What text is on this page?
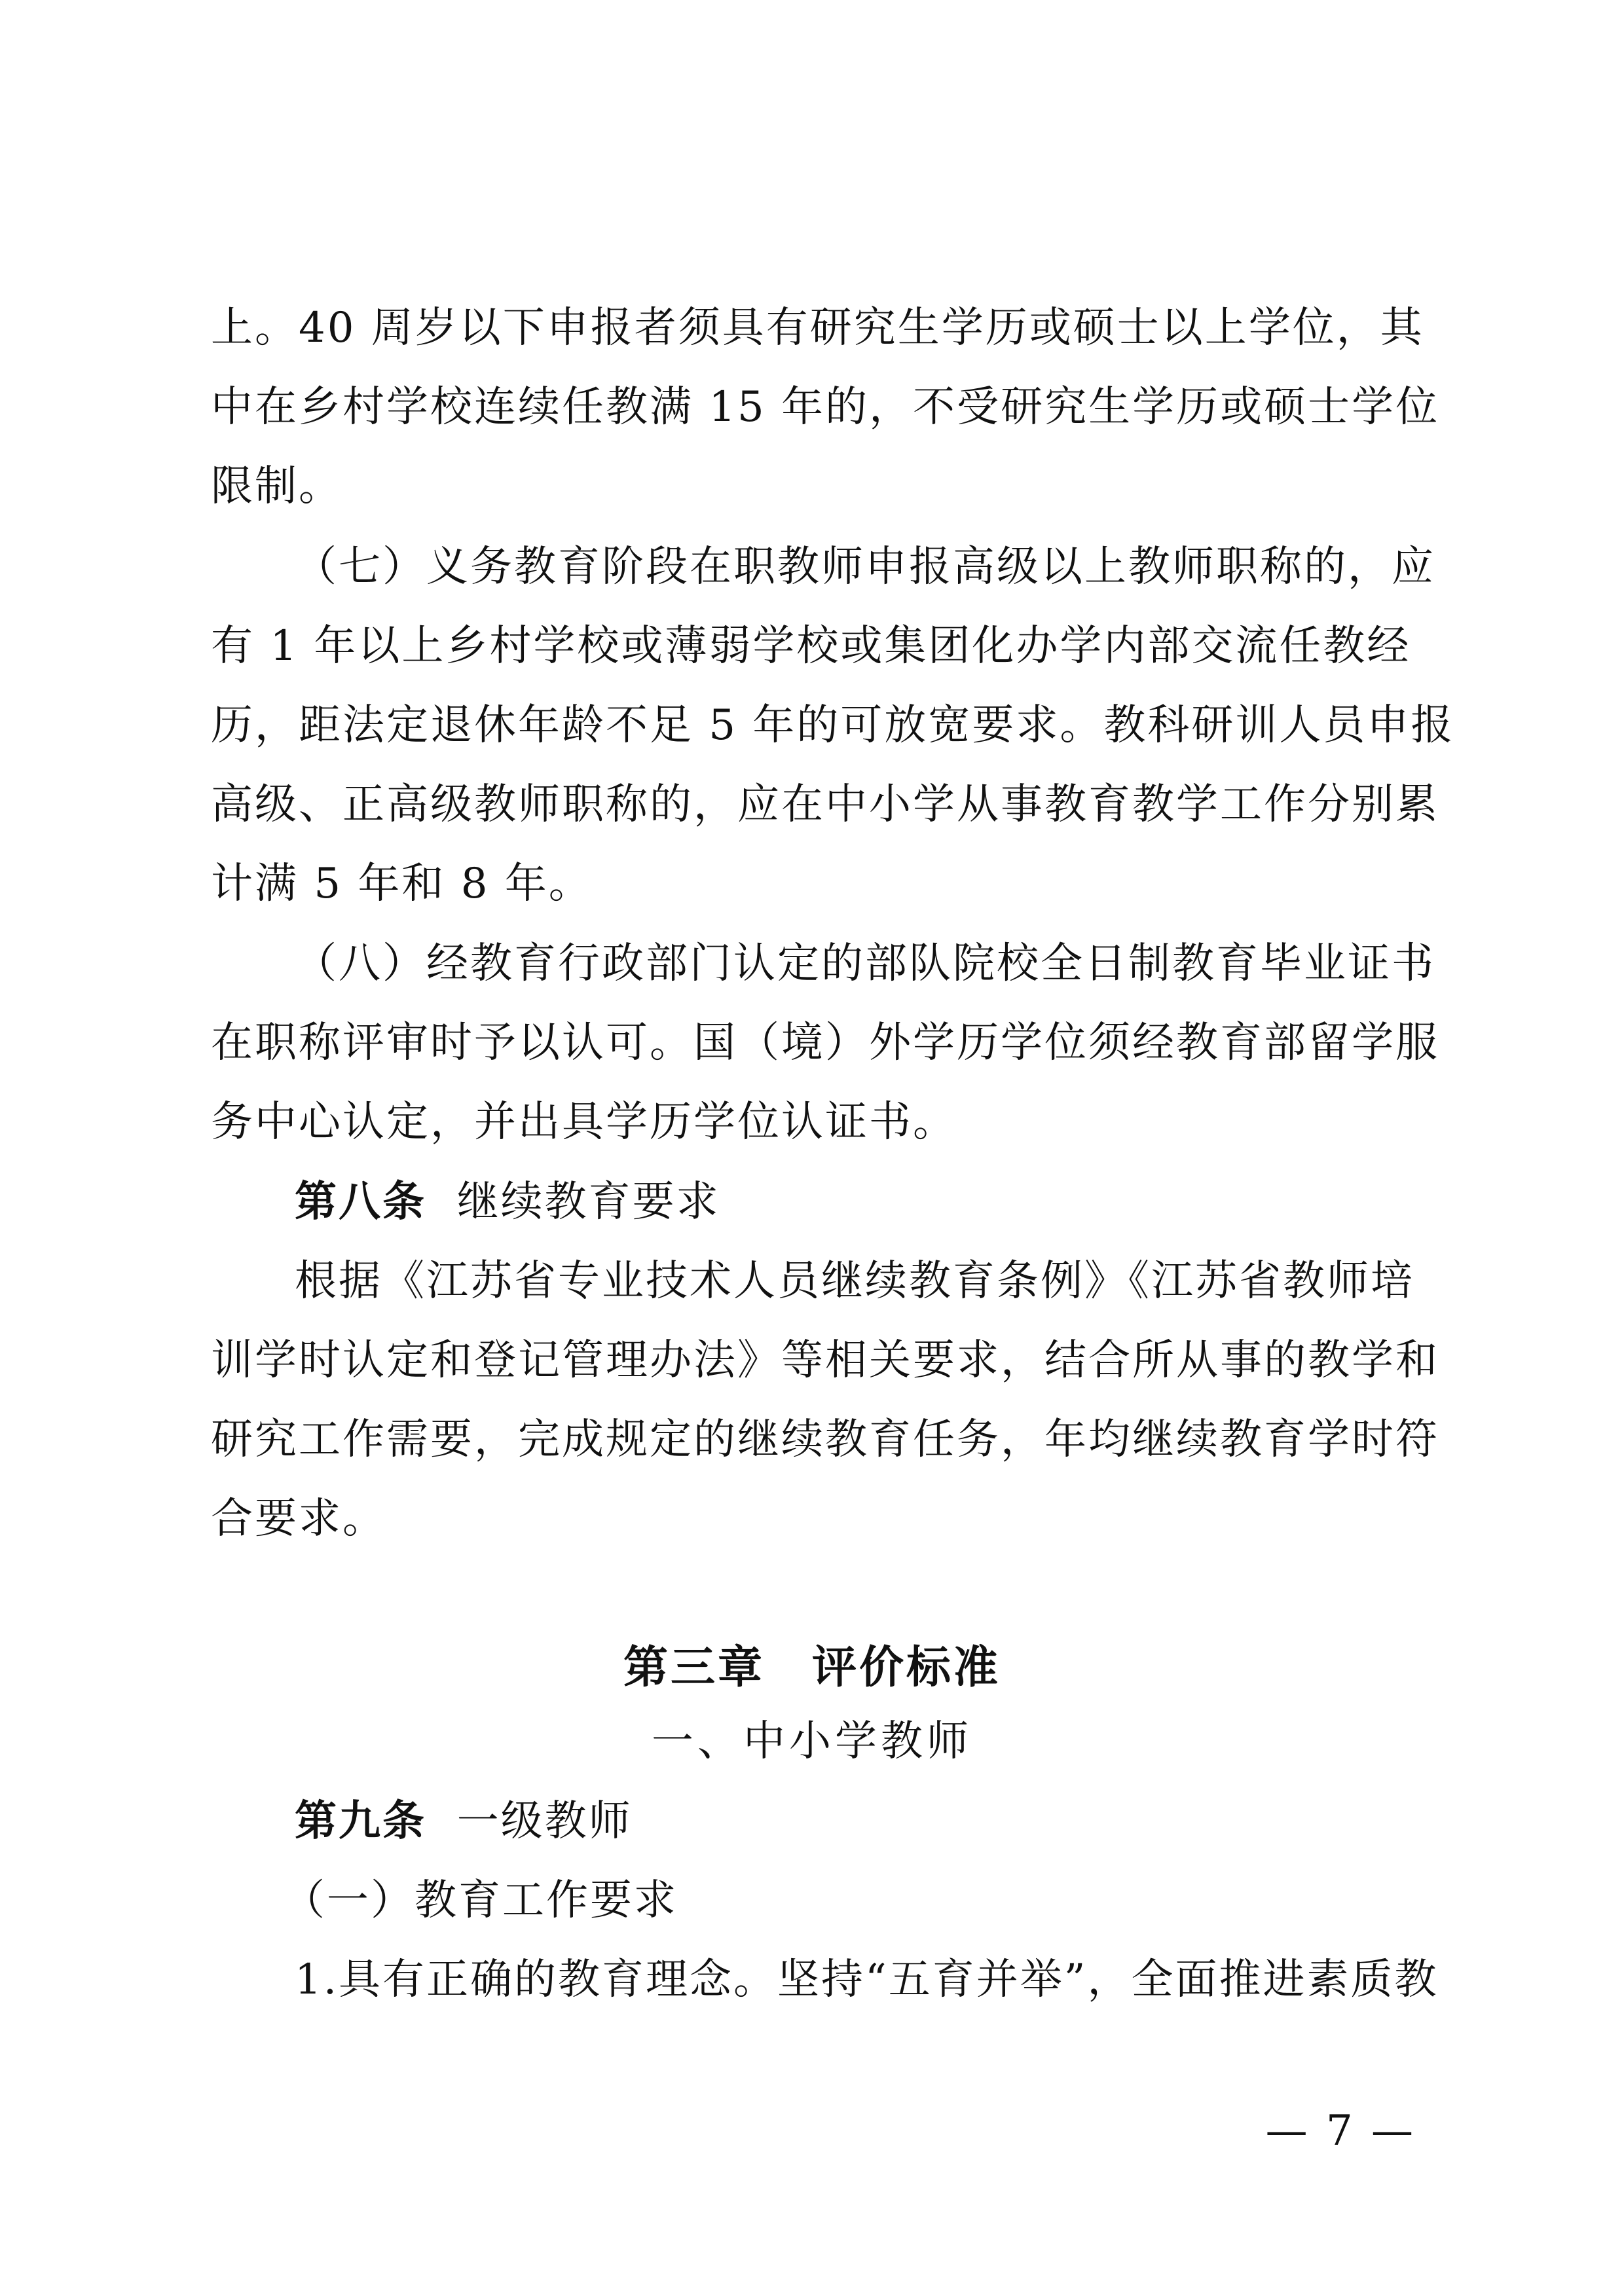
上。40 周岁以下申报者须具有研究生学历或硕士以上学位，其
中在乡村学校连续任教满 15 年的，不受研究生学历或硕士学位
限制。
（七）义务教育阶段在职教师申报高级以上教师职称的，应
有 1 年以上乡村学校或薄弱学校或集团化办学内部交流任教经
历，距法定退休年龄不足 5 年的可放宽要求。教科研训人员申报
高级、正高级教师职称的，应在中小学从事教育教学工作分别累
计满 5 年和 8 年。
（八）经教育行政部门认定的部队院校全日制教育毕业证书
在职称评审时予以认可。国（境）外学历学位须经教育部留学服
务中心认定，并出具学历学位认证书。
第八条 继续教育要求
根据《江苏省专业技术人员继续教育条例》《江苏省教师培
训学时认定和登记管理办法》等相关要求，结合所从事的教学和
研究工作需要，完成规定的继续教育任务，年均继续教育学时符
合要求。
第三章　评价标准
一、中小学教师
第九条 一级教师
（一）教育工作要求
1.具有正确的教育理念。坚持“五育并举”，全面推进素质教
— 7 —
